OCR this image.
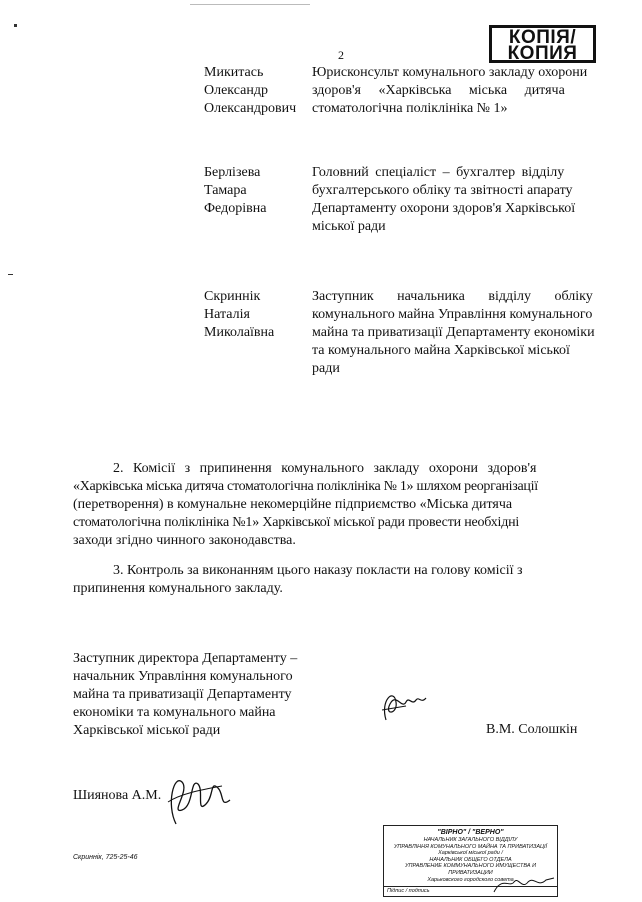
2
КОПІЯ/
КОПИЯ
Микитась
Олександр
Олександрович
Юрисконсульт комунального закладу охорони
здоров'я «Харківська міська дитяча
стоматологічна поліклініка № 1»
Берлізева
Тамара
Федорівна
Головний спеціаліст – бухгалтер відділу
бухгалтерського обліку та звітності апарату
Департаменту охорони здоров'я Харківської
міської ради
Скриннік
Наталія
Миколаївна
Заступник начальника відділу обліку
комунального майна Управління комунального
майна та приватизації Департаменту економіки
та комунального майна Харківської міської
ради
2. Комісії з припинення комунального закладу охорони здоров'я
«Харківська міська дитяча стоматологічна поліклініка № 1» шляхом реорганізації
(перетворення) в комунальне некомерційне підприємство «Міська дитяча
стоматологічна поліклініка №1» Харківської міської ради провести необхідні
заходи згідно чинного законодавства.
3. Контроль за виконанням цього наказу покласти на голову комісії з
припинення комунального закладу.
Заступник директора Департаменту –
начальник Управління комунального
майна та приватизації Департаменту
економіки та комунального майна
Харківської міської ради	В.М. Солошкін
Шиянова А.М.
Скриннік, 725-25-46
"ВІРНО" / "ВЕРНО"
НАЧАЛЬНИК ЗАГАЛЬНОГО ВІДДІЛУ
УПРАВЛІННЯ КОМУНАЛЬНОГО МАЙНА ТА ПРИВАТИЗАЦІЇ
Харківської міської ради /
НАЧАЛЬНИК ОБЩЕГО ОТДЕЛА
УПРАВЛЕНИЕ КОММУНАЛЬНОГО ИМУЩЕСТВА И ПРИВАТИЗАЦИИ
Харьковского городского совета
Підпис / подпись
